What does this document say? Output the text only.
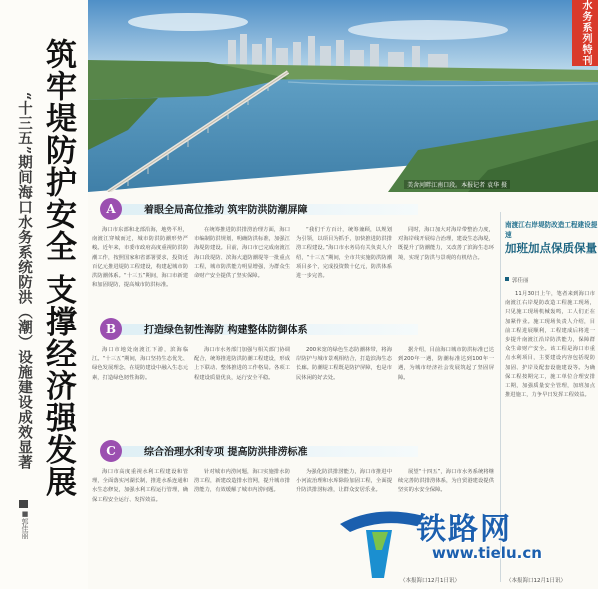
美舍河畔江南口段。本报记者 袁华 摄
水务系列特刊
筑牢堤防护安全 支撑经济强发展
“十三五”期间海口水务系统防洪（潮）设施建设成效显著
■郭佳丽
A	着眼全局高位推动 筑牢防洪防潮屏障

海口市东部和北部沿海，地势平坦，南渡江穿城而过，城市防洪防潮形势严峻。近年来，市委市政府高度重视防洪防潮工作，按照国家和省部署要求，投资近百亿元推进堤防工程建设，构建起城市防洪防潮体系。“十三五”期间，海口市新建和加固堤防，提高城市防洪标准。

在统筹推进防洪排涝治理方面，海口市编制防洪规划，明确防洪标准，加强江海堤防建设。目前，海口市已完成南渡江海口段堤防、滨海大道防潮堤等一批重点工程，城市防洪能力明显增强，为群众生命财产安全提供了坚实保障。

“我们千方百计，统筹兼顾，以规划为引领，以项目为抓手，加快推进防洪排涝工程建设。”海口市水务局有关负责人介绍，“十三五”期间，全市共实施防洪防潮项目多个，完成投资数十亿元，防洪体系进一步完善。

同时，海口加大对海岸带整治力度，对海岸线开展综合治理，建设生态海堤，既提升了防潮能力，又改善了滨海生态环境，实现了防洪与景观的有机结合。

B	打造绿色韧性海防 构建整体防御体系

海口市地处南渡江下游，滨海临江。“十三五”期间，海口坚持生态优先、绿色发展理念，在堤防建设中融入生态元素，打造绿色韧性海防。

海口市水务部门加强与相关部门协调配合，统筹推进防洪防潮工程建设，形成上下联动、整体推进的工作格局。各项工程建设质量优良，运行安全平稳。

200米宽的绿色生态防潮林带，将海岸防护与城市景观相结合，打造滨海生态长廊。防潮堤工程既是防护屏障，也是市民休闲的好去处。

据介绍，目前海口城市防洪标准已达到200年一遇，防潮标准达到100年一遇，为城市经济社会发展筑起了坚固屏障。

C	综合治理水利专项 提高防洪排涝标准

海口市高度重视水利工程建设和管理，全面落实河湖长制，推进水系连通和水生态修复，加强水利工程运行管理，确保工程安全运行、发挥效益。

针对城市内涝问题，海口实施排水防涝工程，新建改造排水管网，提升城市排涝能力，有效缓解了城市内涝问题。

为强化防洪排涝能力，海口市推进中小河流治理和水库除险加固工程，全面提升防洪排涝标准，让群众安居乐业。

展望“十四五”，海口市水务系统将继续完善防洪排涝体系，为自贸港建设提供坚实的水安全保障。

（本报海口12月1日讯）
南渡江右岸堤防改造工程建设提速
加班加点保质保量
郭佳丽

11月30日上午，笔者来到海口市南渡江右岸堤防改造工程施工现场，只见施工现场机械轰鸣，工人们正在加紧作业。施工现场负责人介绍，目前工程进展顺利，工程建成后将进一步提升南渡江沿岸防洪能力，保障群众生命财产安全。该工程是海口市重点水利项目，主要建设内容包括堤防加固、护岸及配套设施建设等。为确保工程按期完工，施工单位合理安排工期，加强质量安全管理，加班加点推进施工，力争早日发挥工程效益。

（本报海口12月1日讯）
铁路网
www.tielu.cn
